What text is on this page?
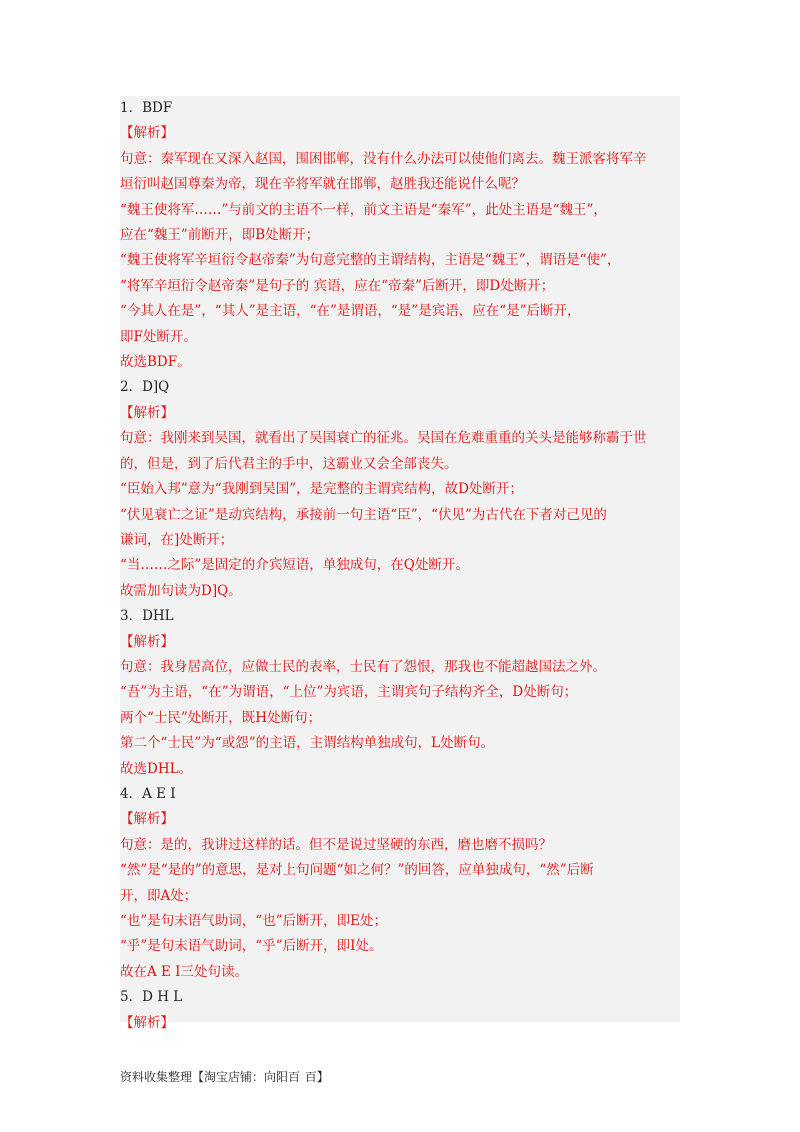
1．BDF
【解析】
句意：秦军现在又深入赵国，围困邯郸，没有什么办法可以使他们离去。魏王派客将军辛
垣衍叫赵国尊秦为帝，现在辛将军就在邯郸，赵胜我还能说什么呢？
“魏王使将军……”与前文的主语不一样，前文主语是“秦军”，此处主语是“魏王”，
应在“魏王”前断开，即B处断开；
“魏王使将军辛垣衍令赵帝秦”为句意完整的主谓结构，主语是“魏王”，谓语是“使”，
“将军辛垣衍令赵帝秦”是句子的 宾语，应在“帝秦”后断开，即D处断开；
“今其人在是”，“其人”是主语，“在”是谓语，“是”是宾语，应在“是”后断开，
即F处断开。
故选BDF。
2．D]Q
【解析】
句意：我刚来到吴国，就看出了吴国衰亡的征兆。吴国在危难重重的关头是能够称霸于世
的，但是，到了后代君主的手中，这霸业又会全部丧失。
“臣始入邦”意为“我刚到吴国”，是完整的主谓宾结构，故D处断开；
“伏见衰亡之证”是动宾结构，承接前一句主语“臣”，“伏见”为古代在下者对己见的
谦词，在]处断开；
“当……之际”是固定的介宾短语，单独成句，在Q处断开。
故需加句读为D]Q。
3．DHL
【解析】
句意：我身居高位，应做士民的表率，士民有了怨恨，那我也不能超越国法之外。
“吾”为主语，“在”为谓语，“上位”为宾语，主谓宾句子结构齐全，D处断句；
两个“士民”处断开，既H处断句；
第二个“士民”为“或怨”的主语，主谓结构单独成句，L处断句。
故选DHL。
4．A E I
【解析】
句意：是的，我讲过这样的话。但不是说过坚硬的东西，磨也磨不损吗？
“然”是“是的”的意思，是对上句问题“如之何？”的回答，应单独成句，“然”后断
开，即A处；
“也”是句末语气助词，“也”后断开，即E处；
“乎”是句末语气助词，“乎”后断开，即I处。
故在A E I三处句读。
5．D H L
【解析】
资料收集整理【淘宝店铺：向阳百  百】
